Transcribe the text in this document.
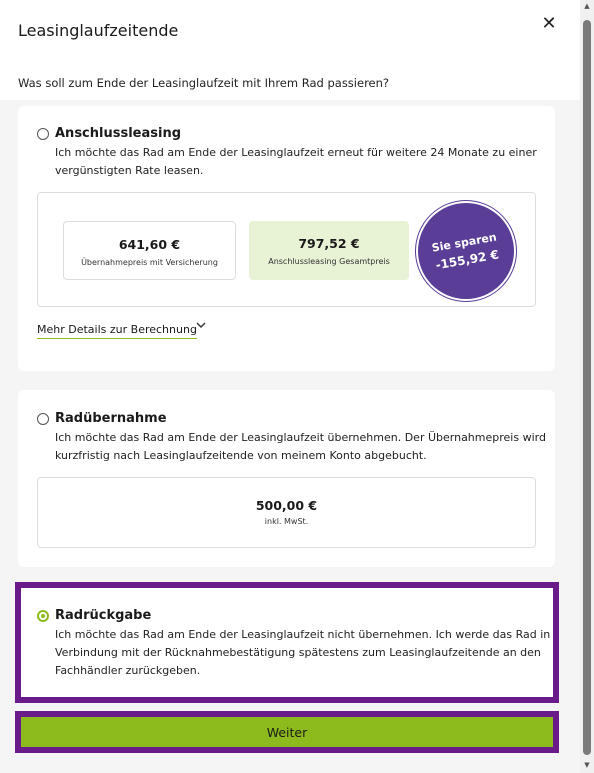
Leasinglaufzeitende	✕
Was soll zum Ende der Leasinglaufzeit mit Ihrem Rad passieren?
Anschlussleasing
Ich möchte das Rad am Ende der Leasinglaufzeit erneut für weitere 24 Monate zu einer
vergünstigten Rate leasen.
641,60 €
Übernahmepreis mit Versicherung
797,52 €
Anschlussleasing Gesamtpreis
Sie sparen
-155,92 €
Mehr Details zur Berechnung
Radübernahme
Ich möchte das Rad am Ende der Leasinglaufzeit übernehmen. Der Übernahmepreis wird
kurzfristig nach Leasinglaufzeitende von meinem Konto abgebucht.
500,00 €
inkl. MwSt.
Radrückgabe
Ich möchte das Rad am Ende der Leasinglaufzeit nicht übernehmen. Ich werde das Rad in
Verbindung mit der Rücknahmebestätigung spätestens zum Leasinglaufzeitende an den
Fachhändler zurückgeben.
Weiter
▲
▼
